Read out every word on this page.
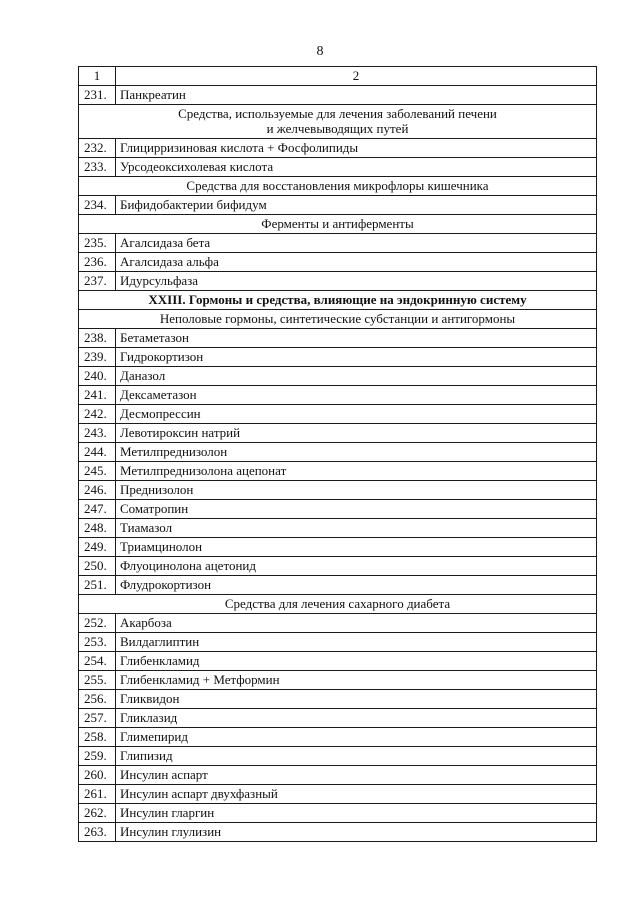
8
1	2
231.	Панкреатин

Средства, используемые для лечения заболеваний печени
и желчевыводящих путей	

232.	Глицирризиновая кислота + Фосфолипиды
233.	Урсодеоксихолевая кислота

Средства для восстановления микрофлоры кишечника	

234.	Бифидобактерии бифидум

Ферменты и антиферменты	

235.	Агалсидаза бета
236.	Агалсидаза альфа
237.	Идурсульфаза

XXIII. Гормоны и средства, влияющие на эндокринную систему	

Неполовые гормоны, синтетические субстанции и антигормоны	

238.	Бетаметазон
239.	Гидрокортизон
240.	Даназол
241.	Дексаметазон
242.	Десмопрессин
243.	Левотироксин натрий
244.	Метилпреднизолон
245.	Метилпреднизолона ацепонат
246.	Преднизолон
247.	Соматропин
248.	Тиамазол
249.	Триамцинолон
250.	Флуоцинолона ацетонид
251.	Флудрокортизон

Средства для лечения сахарного диабета	

252.	Акарбоза
253.	Вилдаглиптин
254.	Глибенкламид
255.	Глибенкламид + Метформин
256.	Гликвидон
257.	Гликлазид
258.	Глимепирид
259.	Глипизид
260.	Инсулин аспарт
261.	Инсулин аспарт двухфазный
262.	Инсулин гларгин
263.	Инсулин глулизин
